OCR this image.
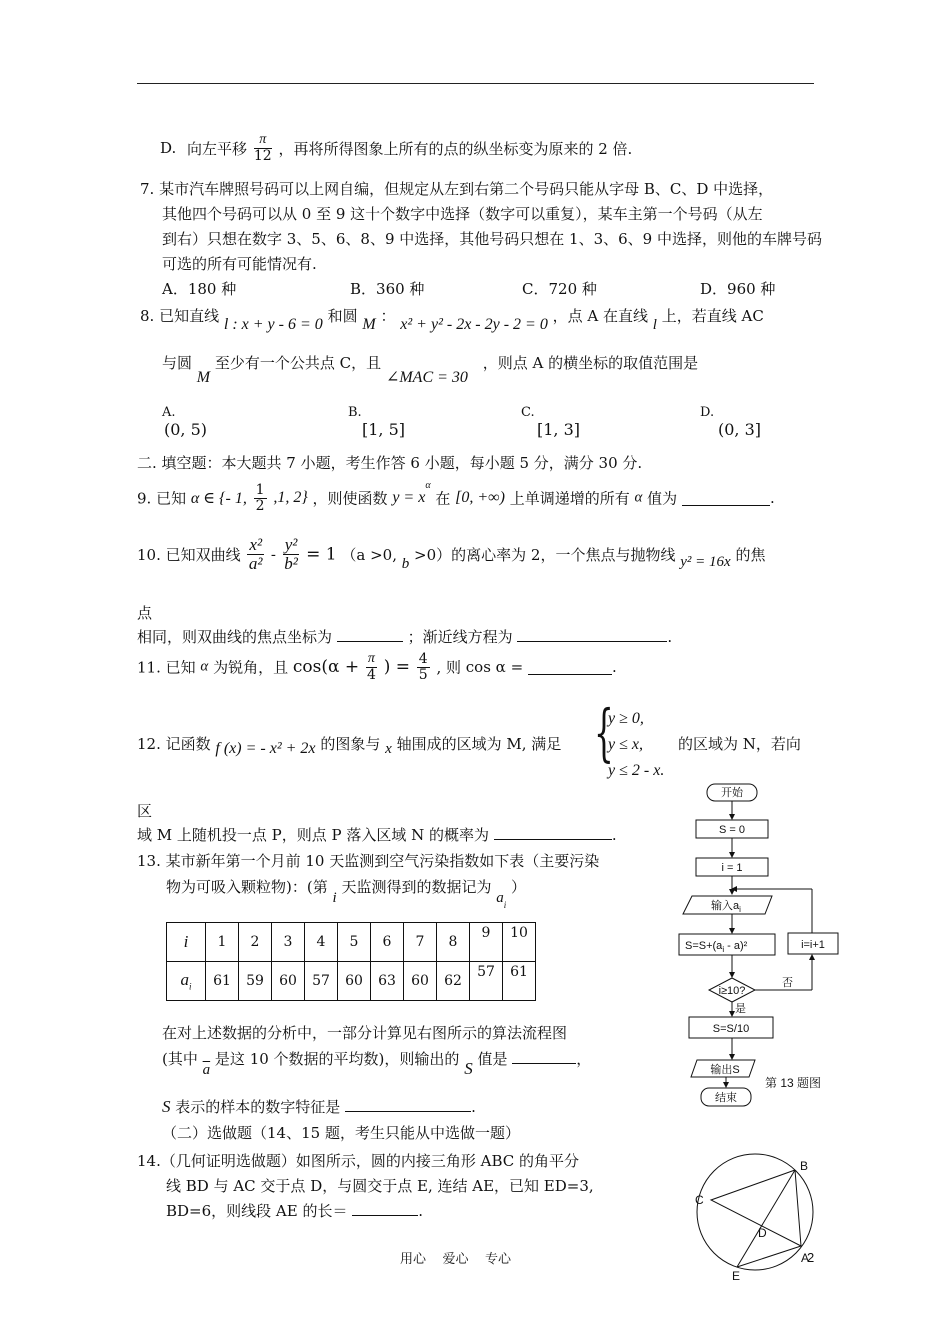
D. 向左平移 $\frac{\pi}{12}$ ，再将所得图象上所有的点的纵坐标变为原来的 2 倍.
7. 某市汽车牌照号码可以上网自编，但规定从左到右第二个号码只能从字母 B、C、D 中选择，
其他四个号码可以从 0 至 9 这十个数字中选择（数字可以重复），某车主第一个号码（从左
到右）只想在数字 3、5、6、8、9 中选择，其他号码只想在 1、3、6、9 中选择，则他的车牌号码
可选的所有可能情况有.
A．180 种	B．360 种	C．720 种	D．960 种
8. 已知直线 l : x + y - 6 = 0 和圆 M ： x² + y² - 2x - 2y - 2 = 0 ，点 A 在直线 l 上，若直线 AC
与圆 M 至少有一个公共点 C，且 ∠MAC = 30 ，则点 A 的横坐标的取值范围是
A.
(0, 5)
B.
[1, 5]
C.
[1, 3]
D.
(0, 3]
二. 填空题：本大题共 7 小题，考生作答 6 小题，每小题 5 分，满分 30 分.
9. 已知 α ∈ {- 1, $\frac{1}{2} ,1$, 2} ，则使函数 $y = x^\alpha$ 在 [0, +∞) 上单调递增的所有 α 值为	.
10. 已知双曲线 $\frac{\text{x²}}{\text{a²}} - \frac{\text{y²}}{\text{b²}} = 1$ （a >0, b >0）的离心率为 2，一个焦点与抛物线 y² = 16x 的焦
点
相同，则双曲线的焦点坐标为	；渐近线方程为	.
11. 已知 α 为锐角，且 $\cos(\alpha + \frac{\pi}{4}$ ) = $\frac{4}{5}$ , 则 cos α =	.
12. 记函数 f (x) = - x² + 2x 的图象与 x 轴围成的区域为 M, 满足 {
y ≥ 0,
y ≤ x,
y ≤ 2 - x.
的区域为 N，若向
区
域 M 上随机投一点 P，则点 P 落入区域 N 的概率为	.
13. 某市新年第一个月前 10 天监测到空气污染指数如下表（主要污染
物为可吸入颗粒物)：(第 i 天监测得到的数据记为 $a_i$ ）
i	1	2	3	4	5	6	7	8	9	10
$a_i$	61	59	60	57	60	63	60	62	57	61
在对上述数据的分析中，一部分计算见右图所示的算法流程图
(其中 $\overline{a}$ 是这 10 个数据的平均数)，则输出的 S 值是	，
S 表示的样本的数字特征是	.
开始
S = 0
i = 1
输入$a_i$
$S=S+(a_i - a)^2$	i=i+1
i≥10?
否
是
S=S/10
输出S
结束
第 13 题图
（二）选做题（14、15 题，考生只能从中选做一题）
14.（几何证明选做题）如图所示，圆的内接三角形 ABC 的角平分
线 BD 与 AC 交于点 D，与圆交于点 E, 连结 AE，已知 ED=3,
BD=6，则线段 AE 的长＝	.
B
C
D
A
E
用心    爱心    专心	2
